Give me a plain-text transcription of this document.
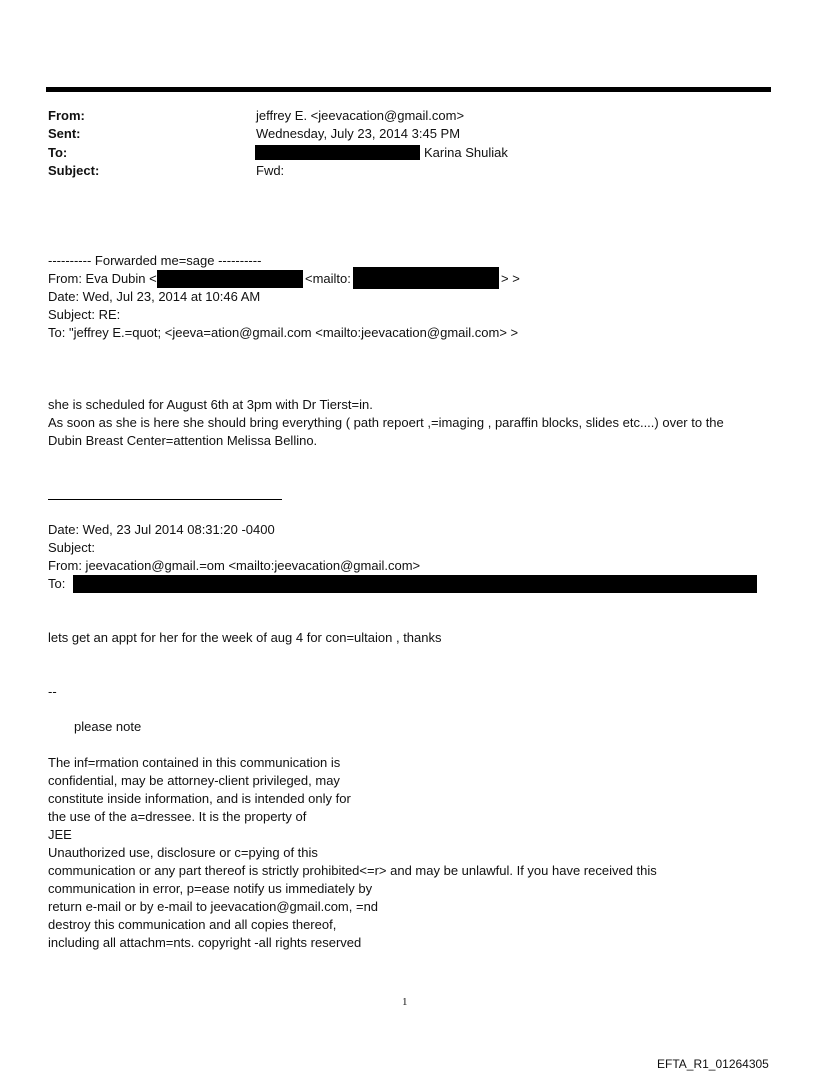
From:	jeffrey E. <jeevacation@gmail.com>
Sent:	Wednesday, July 23, 2014 3:45 PM
To:	Karina Shuliak
Subject:	Fwd:
---------- Forwarded me=sage ----------
From: Eva Dubin <	<mailto:	> >
Date: Wed, Jul 23, 2014 at 10:46 AM
Subject: RE:
To: "jeffrey E.=quot; <jeeva=ation@gmail.com <mailto:jeevacation@gmail.com> >
she is scheduled for August 6th at 3pm with Dr Tierst=in.
As soon as she is here she should bring everything ( path repoert ,=imaging , paraffin blocks, slides etc....) over to the
Dubin Breast Center=attention Melissa Bellino.
Date: Wed, 23 Jul 2014 08:31:20 -0400
Subject:
From: jeevacation@gmail.=om <mailto:jeevacation@gmail.com>
To:
lets get an appt for her for the week of aug 4 for con=ultaion , thanks
--
please note
The inf=rmation contained in this communication is
confidential, may be attorney-client privileged, may
constitute inside information, and is intended only for
the use of the a=dressee. It is the property of
JEE
Unauthorized use, disclosure or c=pying of this
communication or any part thereof is strictly prohibited<=r> and may be unlawful. If you have received this
communication in error, p=ease notify us immediately by
return e-mail or by e-mail to jeevacation@gmail.com, =nd
destroy this communication and all copies thereof,
including all attachm=nts. copyright -all rights reserved
1
EFTA_R1_01264305
